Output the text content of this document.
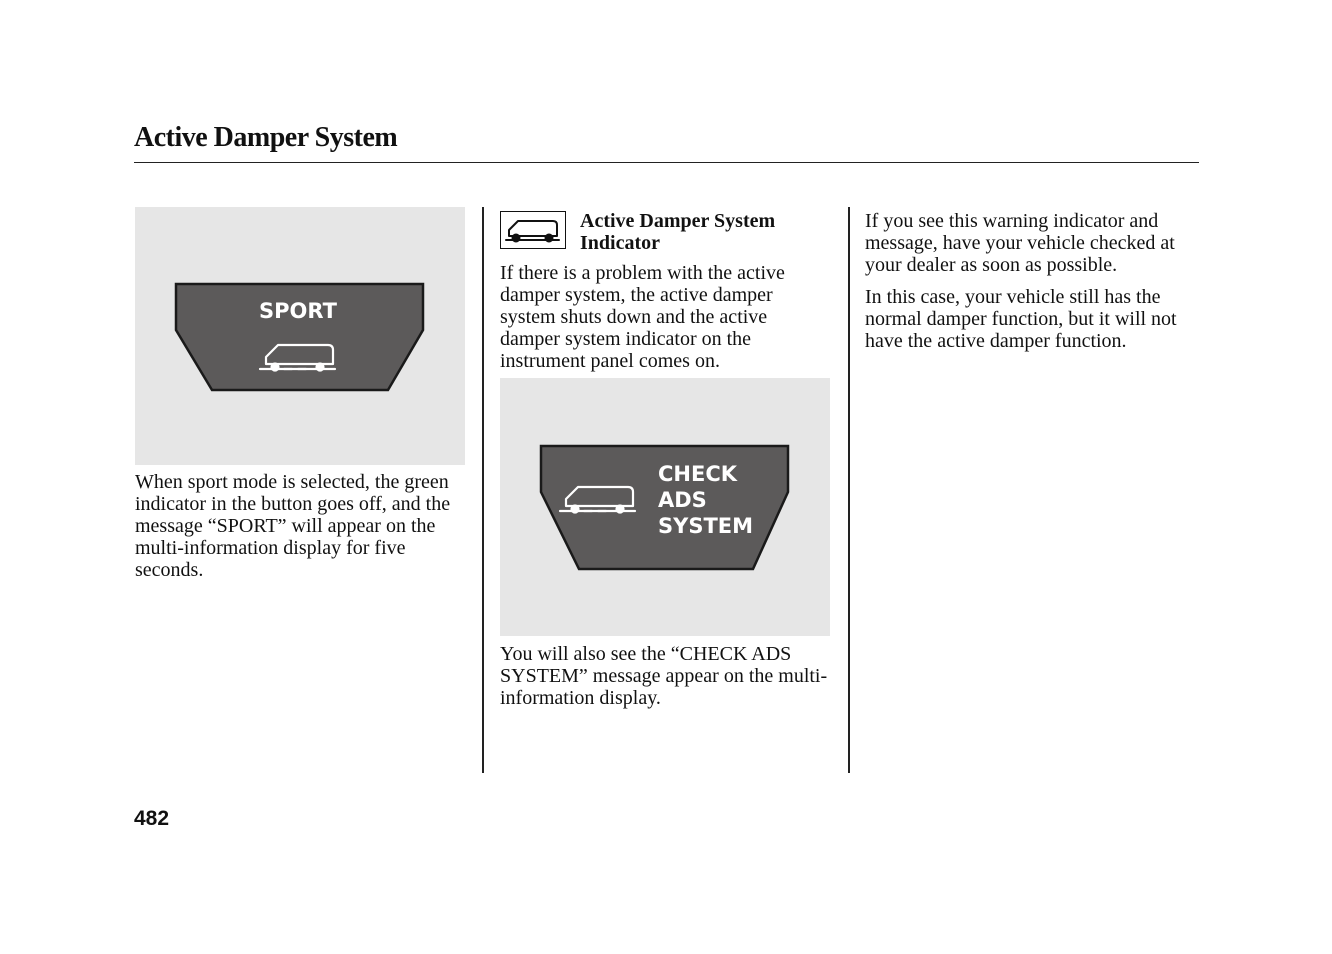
Active Damper System
SPORT

When sport mode is selected, the green indicator in the button goes off, and the message “SPORT” will appear on the multi-information display for five seconds.

Active Damper System Indicator

If there is a problem with the active damper system, the active damper system shuts down and the active damper system indicator on the instrument panel comes on.

CHECK
ADS
SYSTEM

You will also see the “CHECK ADS SYSTEM” message appear on the multi-information display.

If you see this warning indicator and message, have your vehicle checked at your dealer as soon as possible.

In this case, your vehicle still has the normal damper function, but it will not have the active damper function.

482
